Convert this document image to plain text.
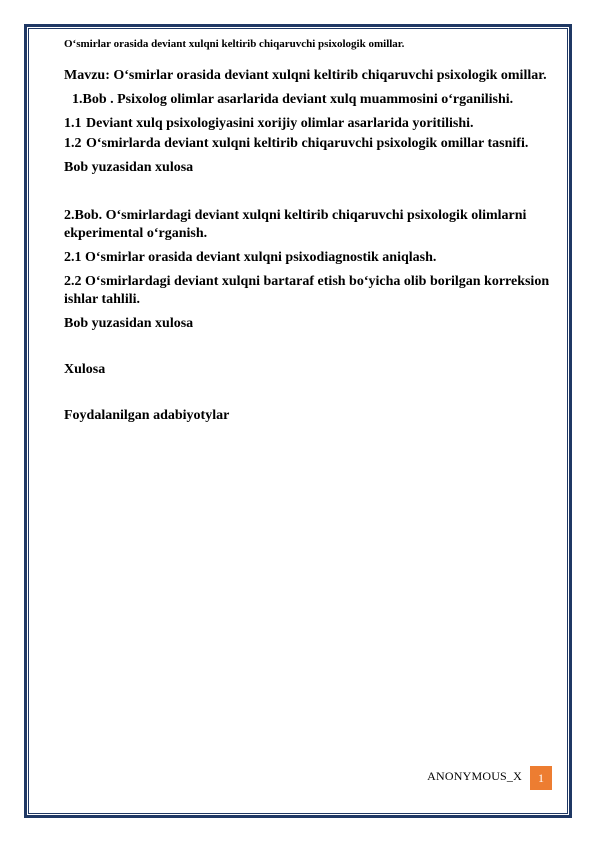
O‘smirlar orasida deviant xulqni keltirib chiqaruvchi psixologik omillar.

Mavzu: O‘smirlar orasida deviant xulqni keltirib chiqaruvchi psixologik omillar.

1.Bob . Psixolog olimlar asarlarida deviant xulq muammosini o‘rganilishi.

1.1 Deviant xulq psixologiyasini xorijiy olimlar asarlarida yoritilishi.

1.2 O‘smirlarda deviant xulqni keltirib chiqaruvchi psixologik omillar tasnifi.

Bob yuzasidan xulosa

2.Bob. O‘smirlardagi deviant xulqni keltirib chiqaruvchi psixologik olimlarni ekperimental o‘rganish.

2.1 O‘smirlar orasida deviant xulqni psixodiagnostik aniqlash.

2.2 O‘smirlardagi deviant xulqni bartaraf etish bo‘yicha olib borilgan korreksion ishlar tahlili.

Bob yuzasidan xulosa

Xulosa

Foydalanilgan adabiyotylar

ANONYMOUS_X	1
